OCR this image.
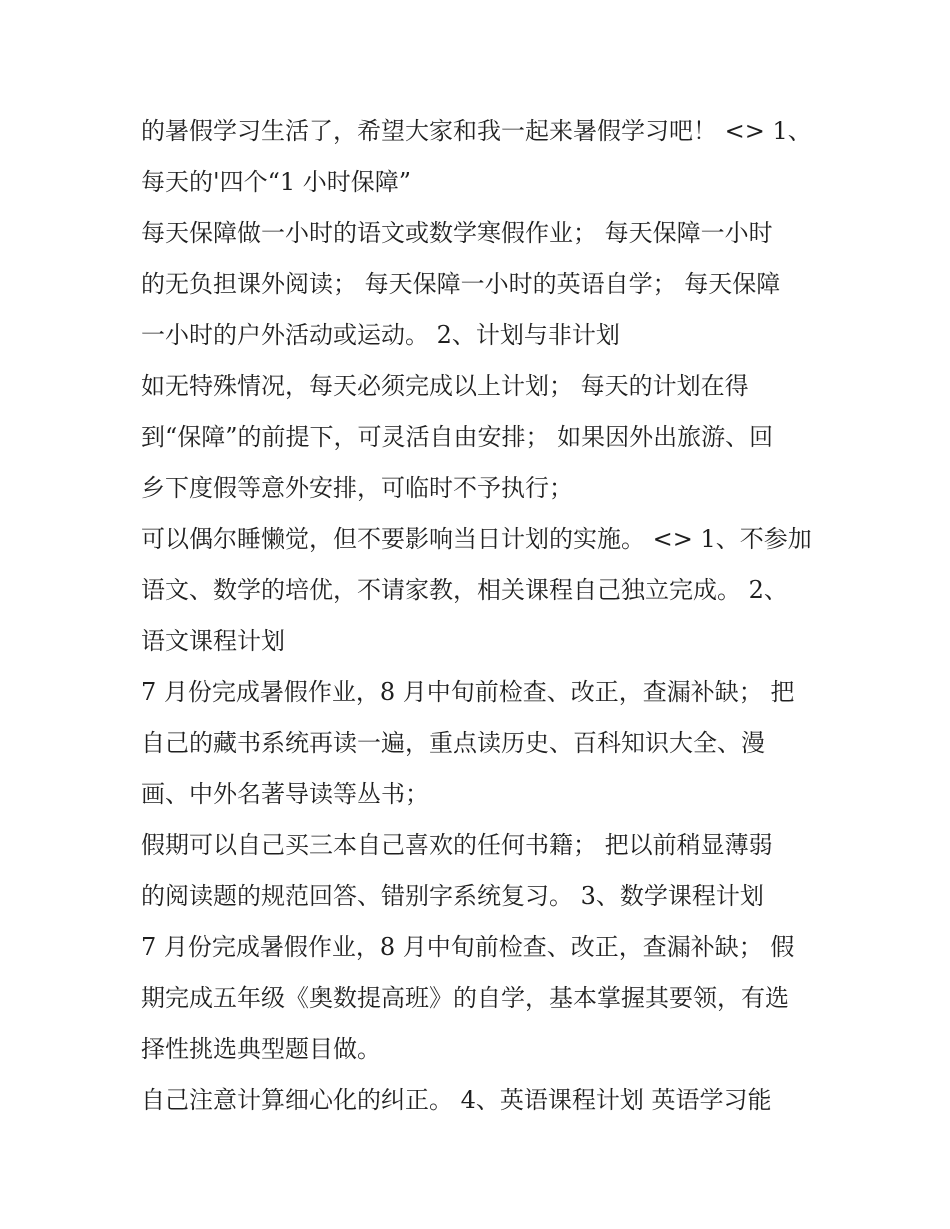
的暑假学习生活了，希望大家和我一起来暑假学习吧！ <> 1、
每天的'四个“1 小时保障”
每天保障做一小时的语文或数学寒假作业； 每天保障一小时
的无负担课外阅读； 每天保障一小时的英语自学； 每天保障
一小时的户外活动或运动。 2、计划与非计划
如无特殊情况，每天必须完成以上计划； 每天的计划在得
到“保障”的前提下，可灵活自由安排； 如果因外出旅游、回
乡下度假等意外安排，可临时不予执行；
可以偶尔睡懒觉，但不要影响当日计划的实施。 <> 1、不参加
语文、数学的培优，不请家教，相关课程自己独立完成。 2、
语文课程计划
7 月份完成暑假作业，8 月中旬前检查、改正，查漏补缺； 把
自己的藏书系统再读一遍，重点读历史、百科知识大全、漫
画、中外名著导读等丛书；
假期可以自己买三本自己喜欢的任何书籍； 把以前稍显薄弱
的阅读题的规范回答、错别字系统复习。 3、数学课程计划
7 月份完成暑假作业，8 月中旬前检查、改正，查漏补缺； 假
期完成五年级《奥数提高班》的自学，基本掌握其要领，有选
择性挑选典型题目做。
自己注意计算细心化的纠正。 4、英语课程计划 英语学习能
